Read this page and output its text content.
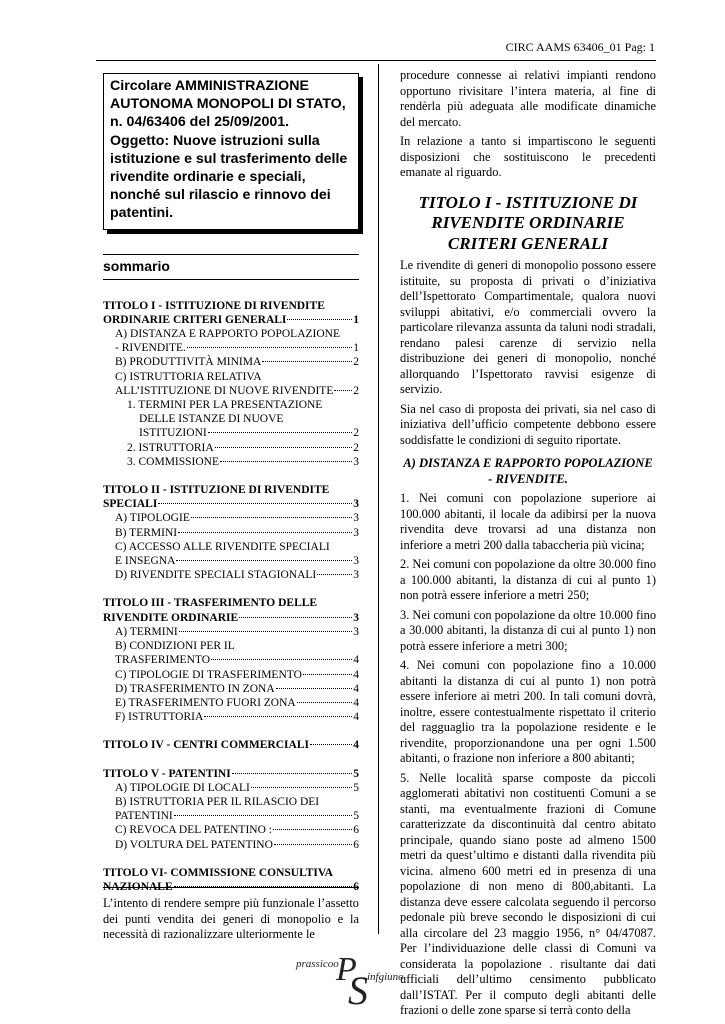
CIRC AAMS 63406_01 Pag: 1

Circolare AMMINISTRAZIONE

AUTONOMA MONOPOLI DI STATO,

n. 04/63406 del 25/09/2001.

Oggetto: Nuove istruzioni sulla

istituzione e sul trasferimento delle

rivendite ordinarie e speciali,

nonché sul rilascio e rinnovo dei

patentini.

sommario
TITOLO I - ISTITUZIONE DI RIVENDITE
ORDINARIE CRITERI GENERALI	1
A) DISTANZA E RAPPORTO POPOLAZIONE
- RIVENDITE.	1
B) PRODUTTIVITÀ MINIMA	2
C) ISTRUTTORIA RELATIVA
ALL’ISTITUZIONE DI NUOVE RIVENDITE 2
1. TERMINI PER LA PRESENTAZIONE
DELLE ISTANZE DI NUOVE
ISTITUZIONI	2
2. ISTRUTTORIA	2
3. COMMISSIONE	3
TITOLO II - ISTITUZIONE DI RIVENDITE
SPECIALI	3
A) TIPOLOGIE	3
B) TERMINI	3
C) ACCESSO ALLE RIVENDITE SPECIALI
E INSEGNA	3
D) RIVENDITE SPECIALI STAGIONALI	3
TITOLO III - TRASFERIMENTO DELLE
RIVENDITE ORDINARIE	3
A) TERMINI	3
B) CONDIZIONI PER IL
TRASFERIMENTO	4
C) TIPOLOGIE DI TRASFERIMENTO	4
D) TRASFERIMENTO IN ZONA	4
E) TRASFERIMENTO FUORI ZONA	4
F) ISTRUTTORIA	4
TITOLO IV - CENTRI COMMERCIALI	4
TITOLO V - PATENTINI	5
A) TIPOLOGIE DI LOCALI	5
B) ISTRUTTORIA PER IL RILASCIO DEI
PATENTINI	5
C) REVOCA DEL PATENTINO :	6
D) VOLTURA DEL PATENTINO	6
TITOLO VI- COMMISSIONE CONSULTIVA
NAZIONALE	6

L’intento di rendere sempre più funzionale l’assetto dei punti vendita dei generi di monopolio e la necessità di razionalizzare ulteriormente le

procedure connesse ai relativi impianti rendono opportuno rivisitare l’intera materia, al fine di rendèrla più adeguata alle modificate dinamiche del mercato.

In relazione a tanto si impartiscono le seguenti disposizioni che sostituiscono le precedenti emanate al riguardo.

TITOLO I - ISTITUZIONE DI RIVENDITE ORDINARIE CRITERI GENERALI

Le rivendite di generi di monopolio possono essere istituite, su proposta di privati o d’iniziativa dell’Ispettorato Compartimentale, qualora nuovi sviluppi abitativi, e/o commerciali ovvero la particolare rilevanza assunta da taluni nodi stradali, rendano palesi carenze di servizio nella distribuzione dei generi di monopolio, nonché allorquando l’Ispettorato ravvisi esigenze di servizio.

Sia nel caso di proposta dei privati, sia nel caso di iniziativa dell’ufficio competente debbono essere soddisfatte le condizioni di seguito riportate.

A) DISTANZA E RAPPORTO POPOLAZIONE - RIVENDITE.

1. Nei comuni con popolazione superiore ai 100.000 abitanti, il locale da adibirsi per la nuova rivendita deve trovarsi ad una distanza non inferiore a metri 200 dalla tabaccheria più vicina;

2. Nei comuni con popolazione da oltre 30.000 fino a 100.000 abitanti, la distanza di cui al punto 1) non potrà essere inferiore a metri 250;

3. Nei comuni con popolazione da oltre 10.000 fino a 30.000 abitanti, la distanza di cui al punto 1) non potrà essere inferiore a metri 300;

4. Nei comuni con popolazione fino a 10.000 abitanti la distanza di cui al punto 1) non potrà essere inferiore ai metri 200. In tali comuni dovrà, inoltre, essere contestualmente rispettato il criterio del ragguaglio tra la popolazione residente e le rivendite, proporzionandone una per ogni 1.500 abitanti, o frazione non inferiore a 800 abitanti;

5. Nelle località sparse composte da piccoli agglomerati abitativi non costituenti Comuni a se stanti, ma eventualmente frazioni di Comune caratterizzate da discontinuità dal centro abitato principale, quando siano poste ad almeno 1500 metri da quest’ultimo e distanti dalla rivendita più vicina. almeno 600 metri ed in presenza di una popolazione di non meno di 800,abitanti. La distanza deve essere calcolata seguendo il percorso pedonale più breve secondo le disposizioni di cui alla circolare del 23 maggio 1956, n° 04/47087. Per l’individuazione delle classi di Comuni va considerata la popolazione . risultante dai dati ufficiali dell’ultimo censimento pubblicato dall’ISTAT. Per il computo degli abitanti delle frazioni o delle zone sparse si terrà conto della

prassicoo
P
S infgiuno
